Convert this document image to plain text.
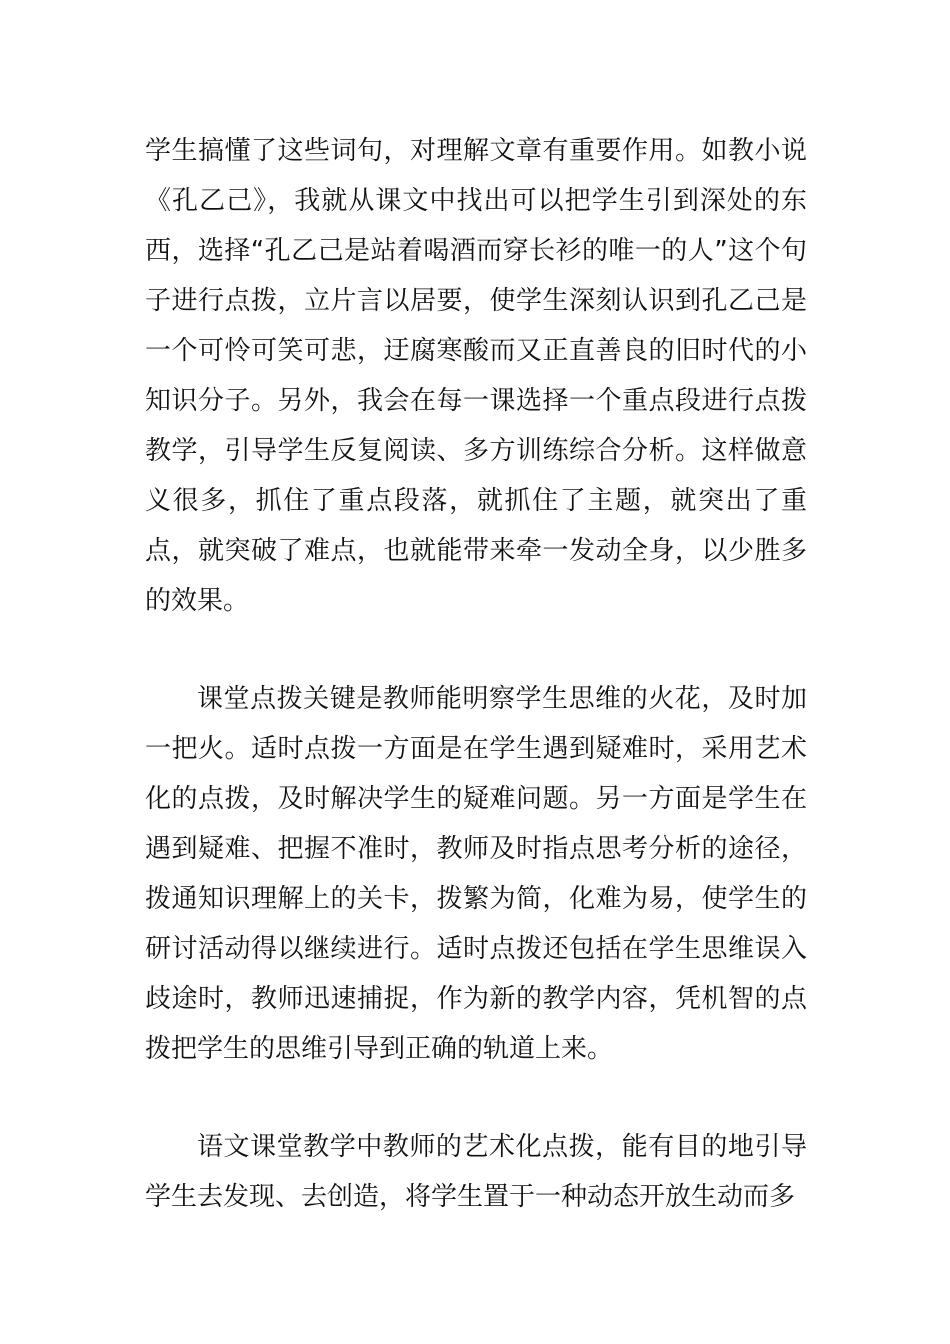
学生搞懂了这些词句，对理解文章有重要作用。如教小说《孔乙己》，我就从课文中找出可以把学生引到深处的东西，选择“孔乙己是站着喝酒而穿长衫的唯一的人”这个句子进行点拨，立片言以居要，使学生深刻认识到孔乙己是一个可怜可笑可悲，迂腐寒酸而又正直善良的旧时代的小知识分子。另外，我会在每一课选择一个重点段进行点拨教学，引导学生反复阅读、多方训练综合分析。这样做意义很多，抓住了重点段落，就抓住了主题，就突出了重点，就突破了难点，也就能带来牵一发动全身，以少胜多的效果。

课堂点拨关键是教师能明察学生思维的火花，及时加一把火。适时点拨一方面是在学生遇到疑难时，采用艺术化的点拨，及时解决学生的疑难问题。另一方面是学生在遇到疑难、把握不准时，教师及时指点思考分析的途径，拨通知识理解上的关卡，拨繁为简，化难为易，使学生的研讨活动得以继续进行。适时点拨还包括在学生思维误入歧途时，教师迅速捕捉，作为新的教学内容，凭机智的点拨把学生的思维引导到正确的轨道上来。

语文课堂教学中教师的艺术化点拨，能有目的地引导学生去发现、去创造，将学生置于一种动态开放生动而多
